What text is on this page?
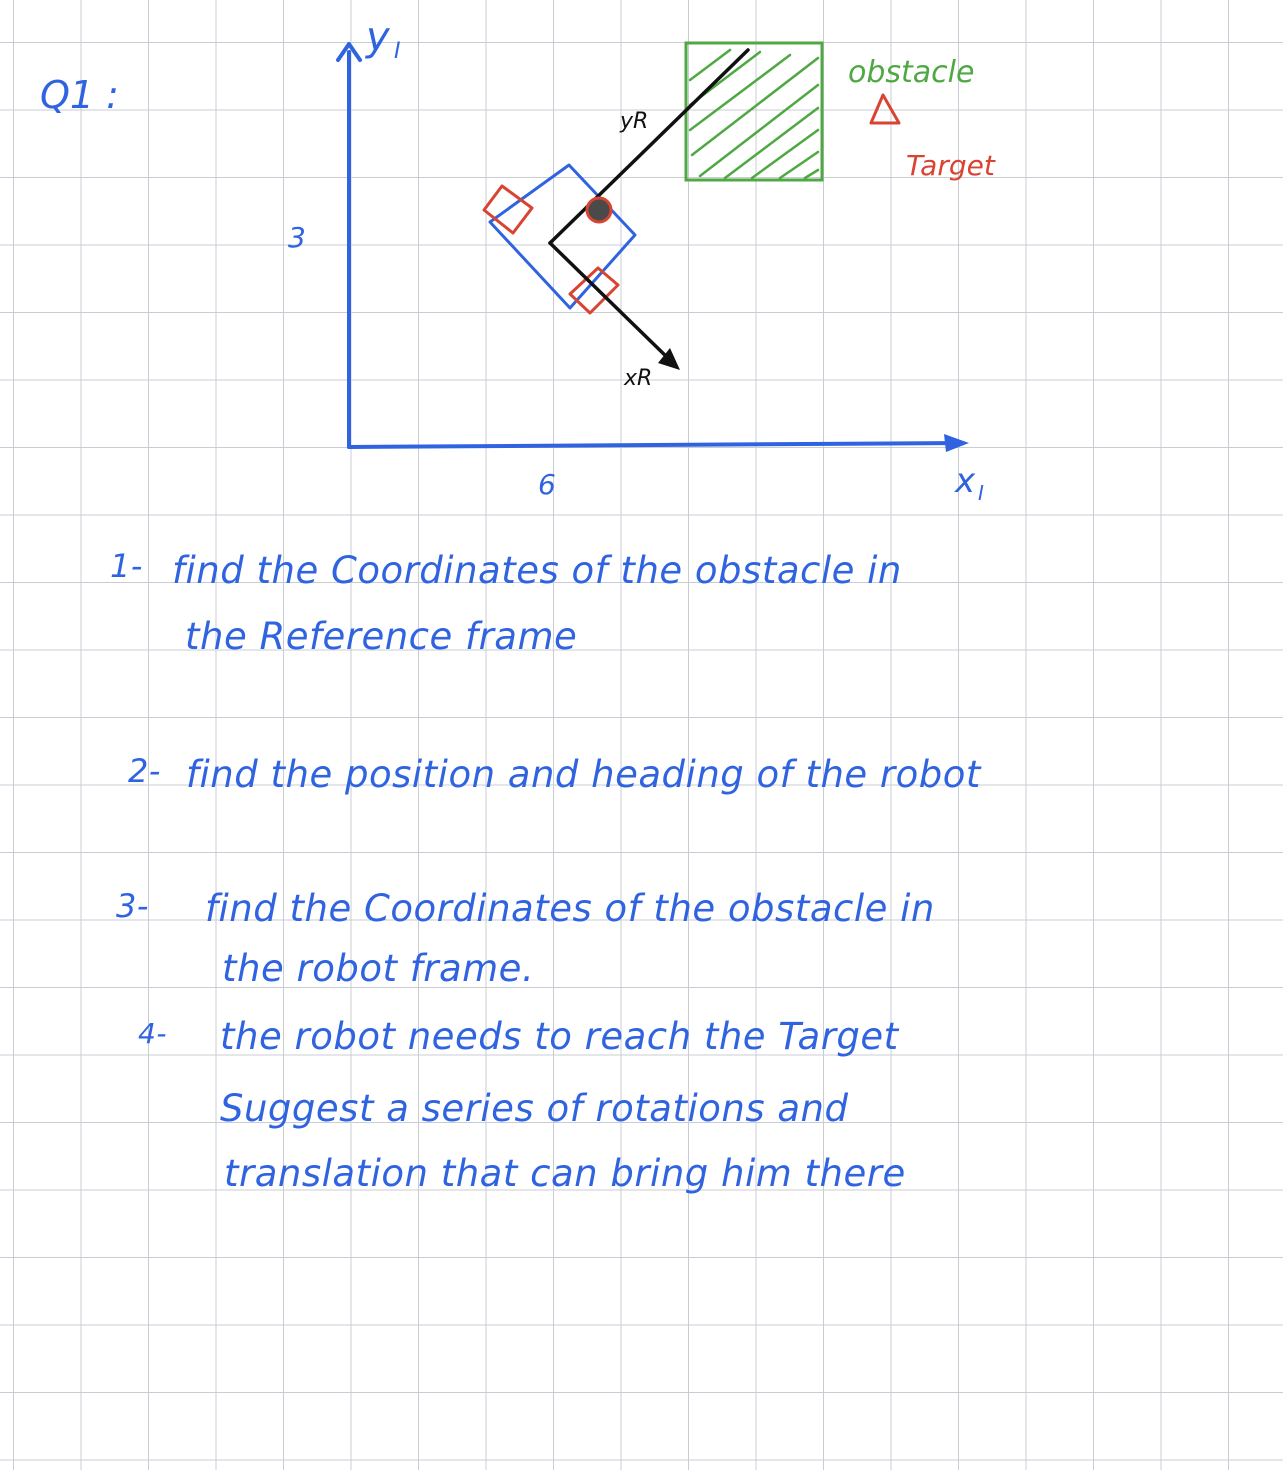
Q1 :
y I
x I
3
6
obstacle
Target
yR
xR
1- find the Coordinates of the obstacle in
the Reference frame
2- find the position and heading of the robot
3- find the Coordinates of the obstacle in
the robot frame.
4- the robot needs to reach the Target
Suggest a series of rotations and
translation that can bring him there
